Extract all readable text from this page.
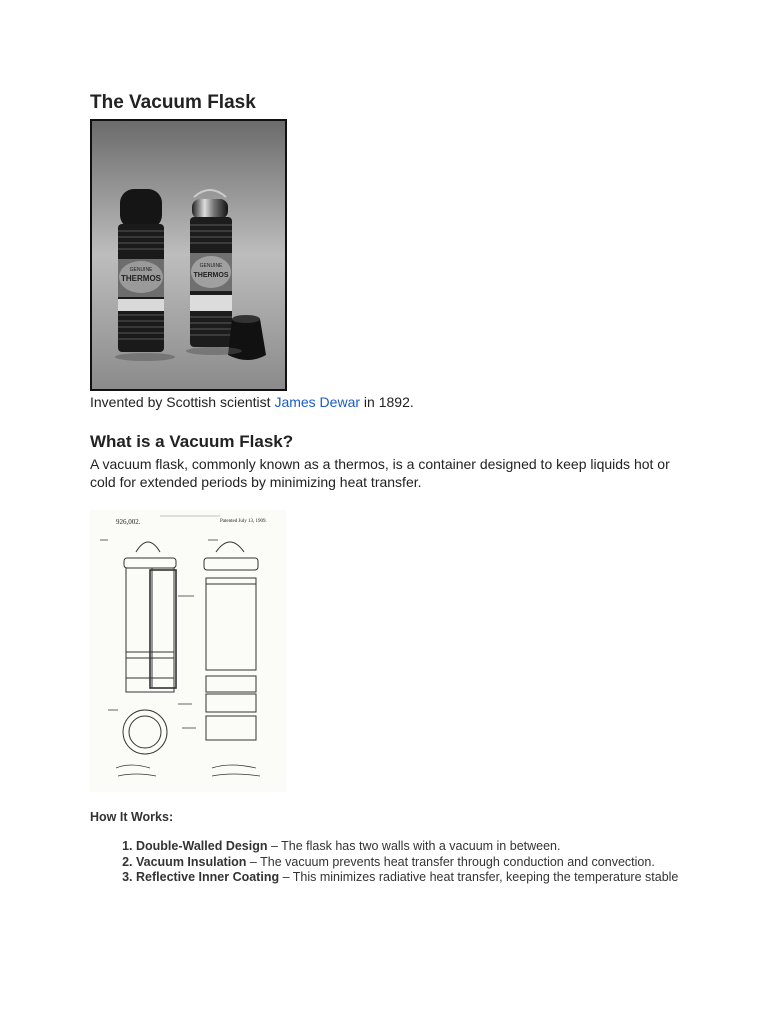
The Vacuum Flask
GENUINE
THERMOS
GENUINE
THERMOS

Invented by Scottish scientist James Dewar in 1892.

What is a Vacuum Flask?

A vacuum flask, commonly known as a thermos, is a container designed to keep liquids hot or cold for extended periods by minimizing heat transfer.

926,002.	Patented July 13, 1909.
How It Works:
1. Double-Walled Design – The flask has two walls with a vacuum in between.
2. Vacuum Insulation – The vacuum prevents heat transfer through conduction and convection.
3. Reflective Inner Coating – This minimizes radiative heat transfer, keeping the temperature stable
